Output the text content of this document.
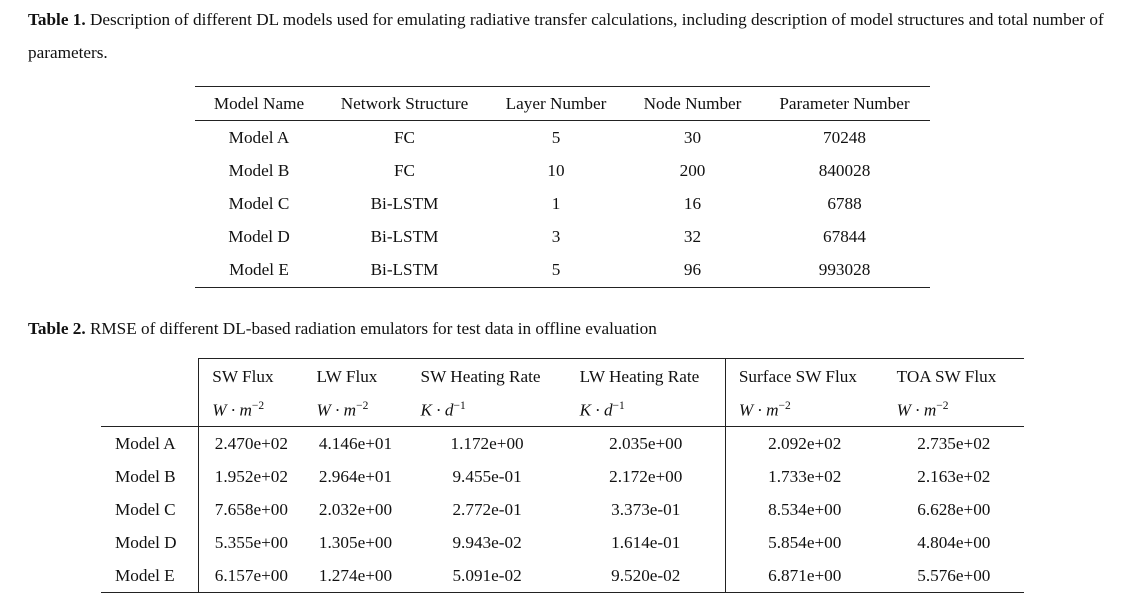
Table 1. Description of different DL models used for emulating radiative transfer calculations, including description of model structures and total number of parameters.
Model Name	Network Structure	Layer Number	Node Number	Parameter Number
Model A	FC	5	30	70248
Model B	FC	10	200	840028
Model C	Bi-LSTM	1	16	6788
Model D	Bi-LSTM	3	32	67844
Model E	Bi-LSTM	5	96	993028
Table 2. RMSE of different DL-based radiation emulators for test data in offline evaluation
	SW Flux	LW Flux	SW Heating Rate	LW Heating Rate	Surface SW Flux	TOA SW Flux
	$W \cdot m^{-2}$	$W \cdot m^{-2}$	$K \cdot d^{-1}$	$K \cdot d^{-1}$	$W \cdot m^{-2}$	$W \cdot m^{-2}$
Model A	2.470e+02	4.146e+01	1.172e+00	2.035e+00	2.092e+02	2.735e+02
Model B	1.952e+02	2.964e+01	9.455e-01	2.172e+00	1.733e+02	2.163e+02
Model C	7.658e+00	2.032e+00	2.772e-01	3.373e-01	8.534e+00	6.628e+00
Model D	5.355e+00	1.305e+00	9.943e-02	1.614e-01	5.854e+00	4.804e+00
Model E	6.157e+00	1.274e+00	5.091e-02	9.520e-02	6.871e+00	5.576e+00
